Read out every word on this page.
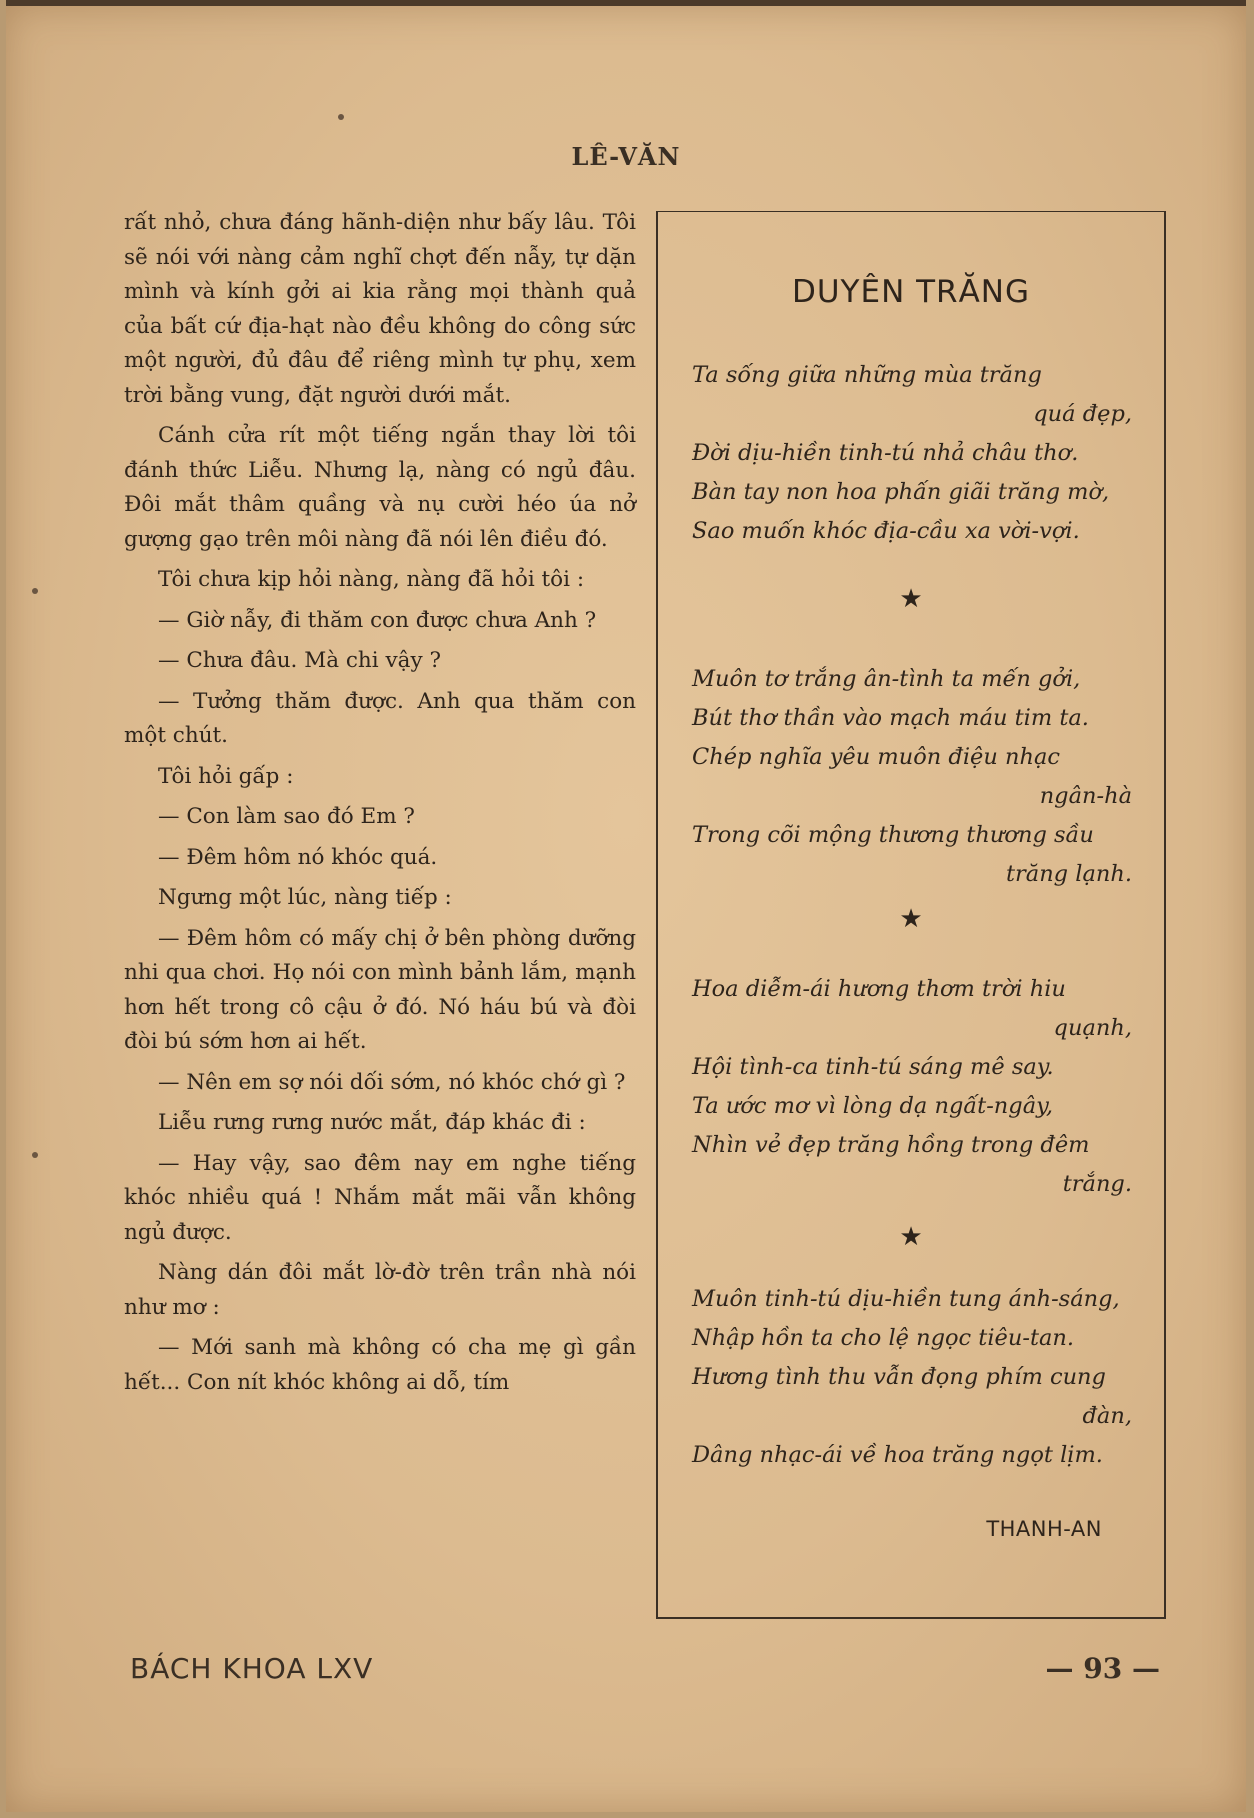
LÊ-VĂN

rất nhỏ, chưa đáng hãnh-diện như bấy lâu. Tôi sẽ nói với nàng cảm nghĩ chợt đến nẫy, tự dặn mình và kính gởi ai kia rằng mọi thành quả của bất cứ địa-hạt nào đều không do công sức một người, đủ đâu để riêng mình tự phụ, xem trời bằng vung, đặt người dưới mắt.

Cánh cửa rít một tiếng ngắn thay lời tôi đánh thức Liễu. Nhưng lạ, nàng có ngủ đâu. Đôi mắt thâm quầng và nụ cười héo úa nở gượng gạo trên môi nàng đã nói lên điều đó.

Tôi chưa kịp hỏi nàng, nàng đã hỏi tôi :

— Giờ nẫy, đi thăm con được chưa Anh ?

— Chưa đâu. Mà chi vậy ?

— Tưởng thăm được. Anh qua thăm con một chút.

Tôi hỏi gấp :

— Con làm sao đó Em ?

— Đêm hôm nó khóc quá.

Ngưng một lúc, nàng tiếp :

— Đêm hôm có mấy chị ở bên phòng dưỡng nhi qua chơi. Họ nói con mình bảnh lắm, mạnh hơn hết trong cô cậu ở đó. Nó háu bú và đòi đòi bú sớm hơn ai hết.

— Nên em sợ nói dối sớm, nó khóc chớ gì ?

Liễu rưng rưng nước mắt, đáp khác đi :

— Hay vậy, sao đêm nay em nghe tiếng khóc nhiều quá ! Nhắm mắt mãi vẫn không ngủ được.

Nàng dán đôi mắt lờ-đờ trên trần nhà nói như mơ :

— Mới sanh mà không có cha mẹ gì gần hết... Con nít khóc không ai dỗ, tím

DUYÊN TRĂNG
Ta sống giữa những mùa trăng
quá đẹp,
Đời dịu-hiền tinh-tú nhả châu thơ.
Bàn tay non hoa phấn giãi trăng mờ,
Sao muốn khóc địa-cầu xa vời-vợi.
★
Muôn tơ trắng ân-tình ta mến gởi,
Bút thơ thần vào mạch máu tim ta.
Chép nghĩa yêu muôn điệu nhạc
ngân-hà
Trong cõi mộng thương thương sầu
trăng lạnh.
★
Hoa diễm-ái hương thơm trời hiu
quạnh,
Hội tình-ca tinh-tú sáng mê say.
Ta ước mơ vì lòng dạ ngất-ngây,
Nhìn vẻ đẹp trăng hồng trong đêm
trắng.
★
Muôn tinh-tú dịu-hiền tung ánh-sáng,
Nhập hồn ta cho lệ ngọc tiêu-tan.
Hương tình thu vẫn đọng phím cung
đàn,
Dâng nhạc-ái về hoa trăng ngọt lịm.
THANH-AN
BÁCH KHOA LXV	— 93 —
